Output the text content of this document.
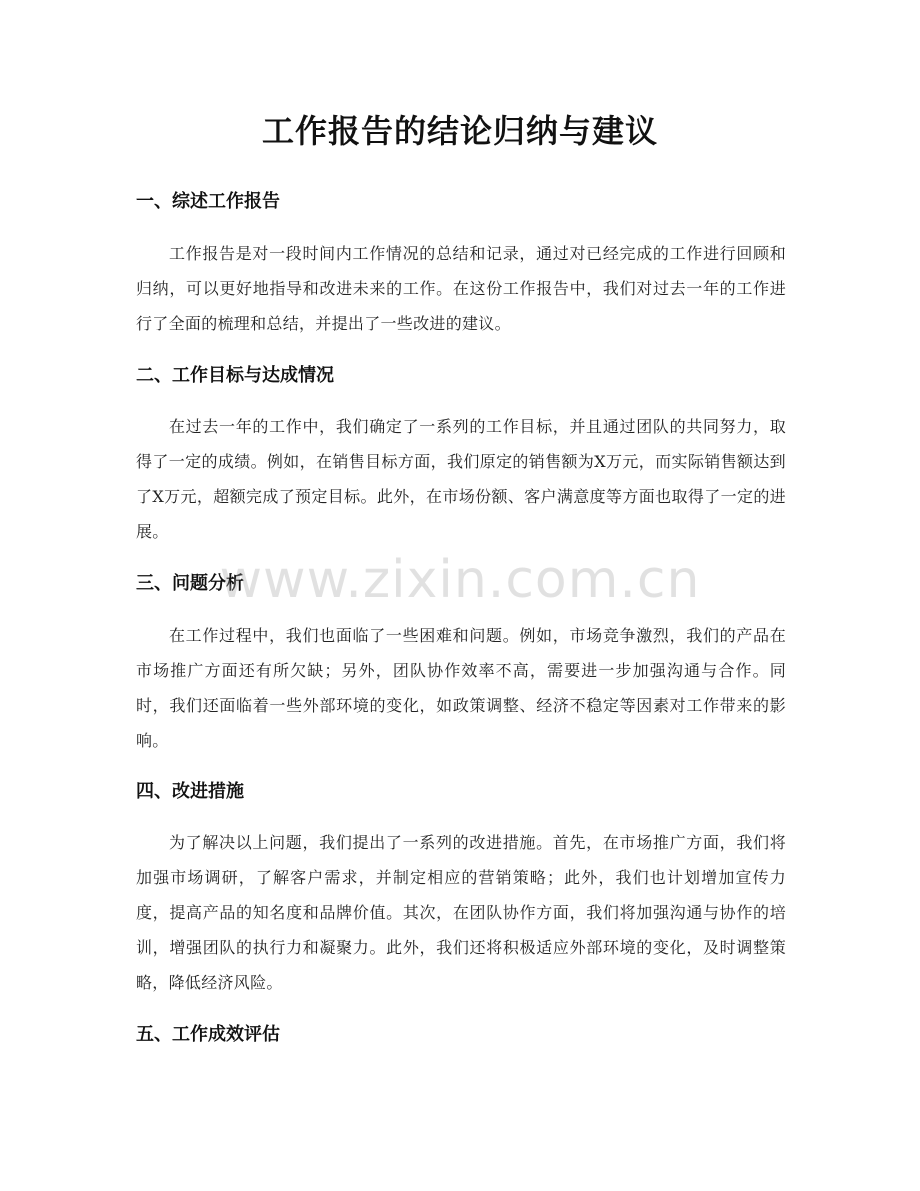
工作报告的结论归纳与建议
一、综述工作报告
工作报告是对一段时间内工作情况的总结和记录，通过对已经完成的工作进行回顾和归纳，可以更好地指导和改进未来的工作。在这份工作报告中，我们对过去一年的工作进行了全面的梳理和总结，并提出了一些改进的建议。
二、工作目标与达成情况
在过去一年的工作中，我们确定了一系列的工作目标，并且通过团队的共同努力，取得了一定的成绩。例如，在销售目标方面，我们原定的销售额为X万元，而实际销售额达到了X万元，超额完成了预定目标。此外，在市场份额、客户满意度等方面也取得了一定的进展。
三、问题分析
在工作过程中，我们也面临了一些困难和问题。例如，市场竞争激烈，我们的产品在市场推广方面还有所欠缺；另外，团队协作效率不高，需要进一步加强沟通与合作。同时，我们还面临着一些外部环境的变化，如政策调整、经济不稳定等因素对工作带来的影响。
四、改进措施
为了解决以上问题，我们提出了一系列的改进措施。首先，在市场推广方面，我们将加强市场调研，了解客户需求，并制定相应的营销策略；此外，我们也计划增加宣传力度，提高产品的知名度和品牌价值。其次，在团队协作方面，我们将加强沟通与协作的培训，增强团队的执行力和凝聚力。此外，我们还将积极适应外部环境的变化，及时调整策略，降低经济风险。
五、工作成效评估
www.zixin.com.cn
